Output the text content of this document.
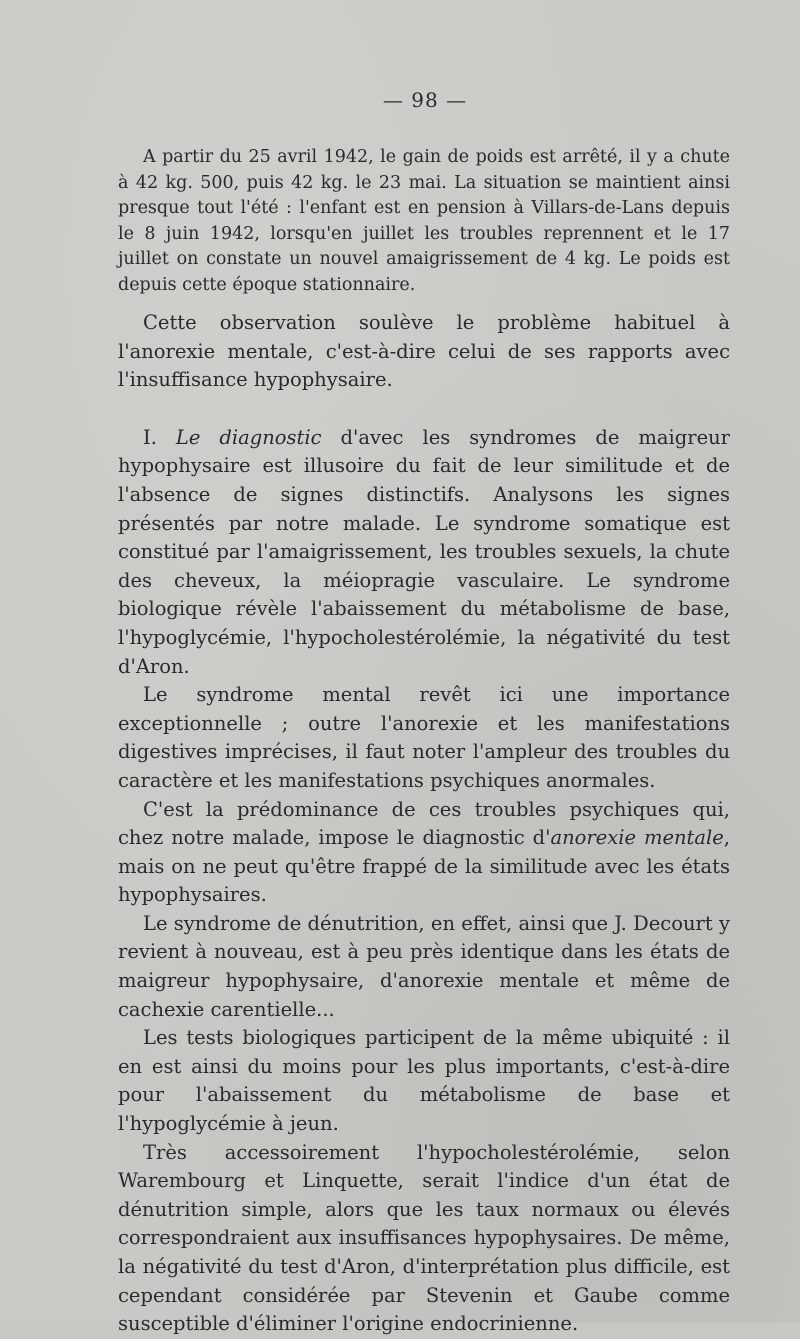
— 98 —

A partir du 25 avril 1942, le gain de poids est arrêté, il y a chute à 42 kg. 500, puis 42 kg. le 23 mai. La situation se maintient ainsi presque tout l'été : l'enfant est en pension à Villars-de-Lans depuis le 8 juin 1942, lorsqu'en juillet les troubles reprennent et le 17 juillet on constate un nouvel amaigrissement de 4 kg. Le poids est depuis cette époque stationnaire.

Cette observation soulève le problème habituel à l'anorexie mentale, c'est-à-dire celui de ses rapports avec l'insuffisance hypophysaire.

I. Le diagnostic d'avec les syndromes de maigreur hypophysaire est illusoire du fait de leur similitude et de l'absence de signes distinctifs. Analysons les signes présentés par notre malade. Le syndrome somatique est constitué par l'amaigrissement, les troubles sexuels, la chute des cheveux, la méiopragie vasculaire. Le syndrome biologique révèle l'abaissement du métabolisme de base, l'hypoglycémie, l'hypocholestérolémie, la négativité du test d'Aron.

Le syndrome mental revêt ici une importance exceptionnelle ; outre l'anorexie et les manifestations digestives imprécises, il faut noter l'ampleur des troubles du caractère et les manifestations psychiques anormales.

C'est la prédominance de ces troubles psychiques qui, chez notre malade, impose le diagnostic d'anorexie mentale, mais on ne peut qu'être frappé de la similitude avec les états hypophysaires.

Le syndrome de dénutrition, en effet, ainsi que J. Decourt y revient à nouveau, est à peu près identique dans les états de maigreur hypophysaire, d'anorexie mentale et même de cachexie carentielle...

Les tests biologiques participent de la même ubiquité : il en est ainsi du moins pour les plus importants, c'est-à-dire pour l'abaissement du métabolisme de base et l'hypoglycémie à jeun.

Très accessoirement l'hypocholestérolémie, selon Warembourg et Linquette, serait l'indice d'un état de dénutrition simple, alors que les taux normaux ou élevés correspondraient aux insuffisances hypophysaires. De même, la négativité du test d'Aron, d'interprétation plus difficile, est cependant considérée par Stevenin et Gaube comme susceptible d'éliminer l'origine endocrinienne.
